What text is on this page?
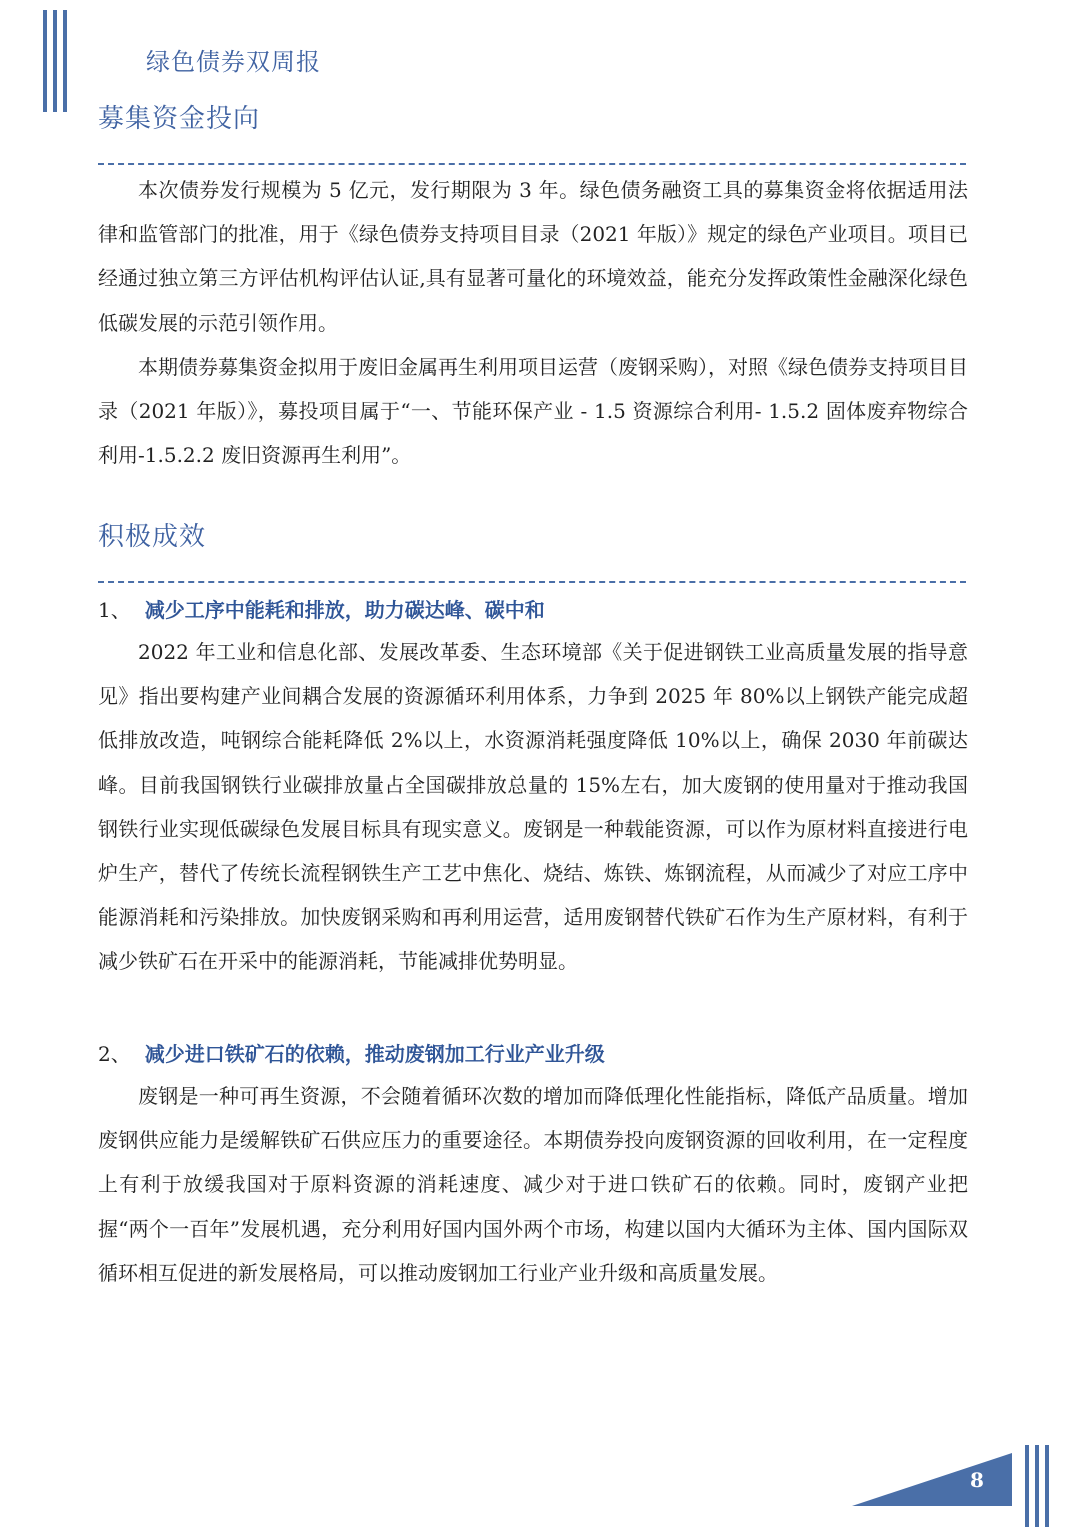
绿色债券双周报
募集资金投向

本次债券发行规模为 5 亿元，发行期限为 3 年。绿色债务融资工具的募集资金将依据适用法律和监管部门的批准，用于《绿色债券支持项目目录（2021 年版）》规定的绿色产业项目。项目已经通过独立第三方评估机构评估认证,具有显著可量化的环境效益，能充分发挥政策性金融深化绿色低碳发展的示范引领作用。

本期债券募集资金拟用于废旧金属再生利用项目运营（废钢采购），对照《绿色债券支持项目目录（2021 年版）》，募投项目属于“一、节能环保产业 - 1.5 资源综合利用- 1.5.2 固体废弃物综合利用-1.5.2.2 废旧资源再生利用”。

积极成效
1、 减少工序中能耗和排放，助力碳达峰、碳中和

2022 年工业和信息化部、发展改革委、生态环境部《关于促进钢铁工业高质量发展的指导意见》指出要构建产业间耦合发展的资源循环利用体系，力争到 2025 年 80%以上钢铁产能完成超低排放改造，吨钢综合能耗降低 2%以上，水资源消耗强度降低 10%以上，确保 2030 年前碳达峰。目前我国钢铁行业碳排放量占全国碳排放总量的 15%左右，加大废钢的使用量对于推动我国钢铁行业实现低碳绿色发展目标具有现实意义。废钢是一种载能资源，可以作为原材料直接进行电炉生产，替代了传统长流程钢铁生产工艺中焦化、烧结、炼铁、炼钢流程，从而减少了对应工序中能源消耗和污染排放。加快废钢采购和再利用运营，适用废钢替代铁矿石作为生产原材料，有利于减少铁矿石在开采中的能源消耗，节能减排优势明显。

2、 减少进口铁矿石的依赖，推动废钢加工行业产业升级

废钢是一种可再生资源，不会随着循环次数的增加而降低理化性能指标，降低产品质量。增加废钢供应能力是缓解铁矿石供应压力的重要途径。本期债券投向废钢资源的回收利用，在一定程度上有利于放缓我国对于原料资源的消耗速度、减少对于进口铁矿石的依赖。同时，废钢产业把握“两个一百年”发展机遇，充分利用好国内国外两个市场，构建以国内大循环为主体、国内国际双循环相互促进的新发展格局，可以推动废钢加工行业产业升级和高质量发展。

8
